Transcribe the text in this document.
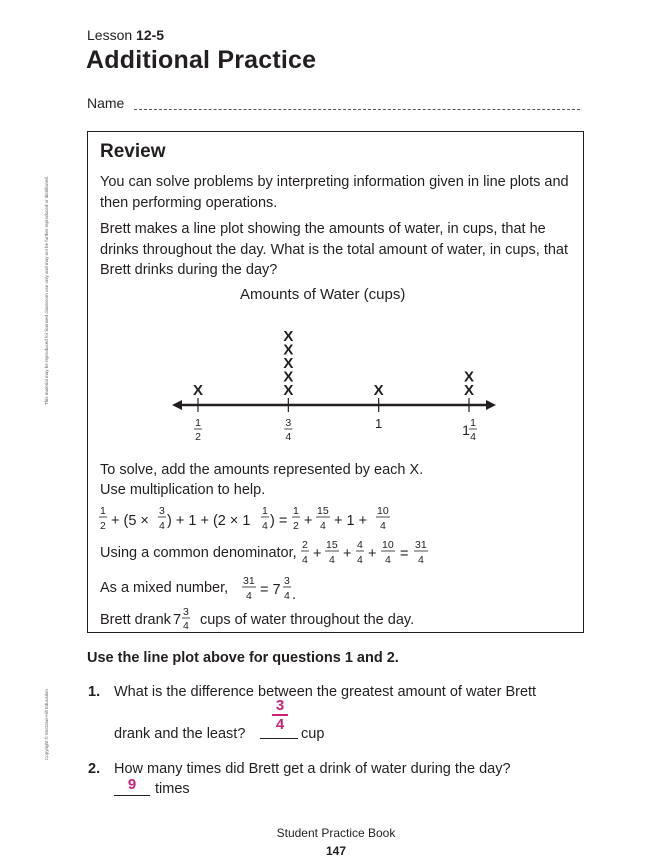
This material may be reproduced for licensed classroom use only and may not be further reproduced or distributed.
Copyright © McGraw-Hill Education
Lesson 12-5
Additional Practice
Name
Review
You can solve problems by interpreting information given in line plots and then performing operations.
Brett makes a line plot showing the amounts of water, in cups, that he drinks throughout the day. What is the total amount of water, in cups, that Brett drinks during the day?
Amounts of Water (cups)
X
1
2
X
X
X
X
X
3
4
X
1
X
X
1 1
4
To solve, add the amounts represented by each X.
Use multiplication to help.
1
2 + (5 ×
3
4 ) + 1 + (2 × 1
1
4 ) =
1
2 +
15
4 + 1 +
10
4
Using a common denominator, 2
4 +
15
4 +
4
4 +
10
4 =
31
4
As a mixed number, 31
4 = 7
3
4 .
Brett drank 7 3
4 cups of water throughout the day.
Use the line plot above for questions 1 and 2.
1. What is the difference between the greatest amount of water Brett
drank and the least?
3
4
cup
2. How many times did Brett get a drink of water during the day?
9	times
Student Practice Book
147
